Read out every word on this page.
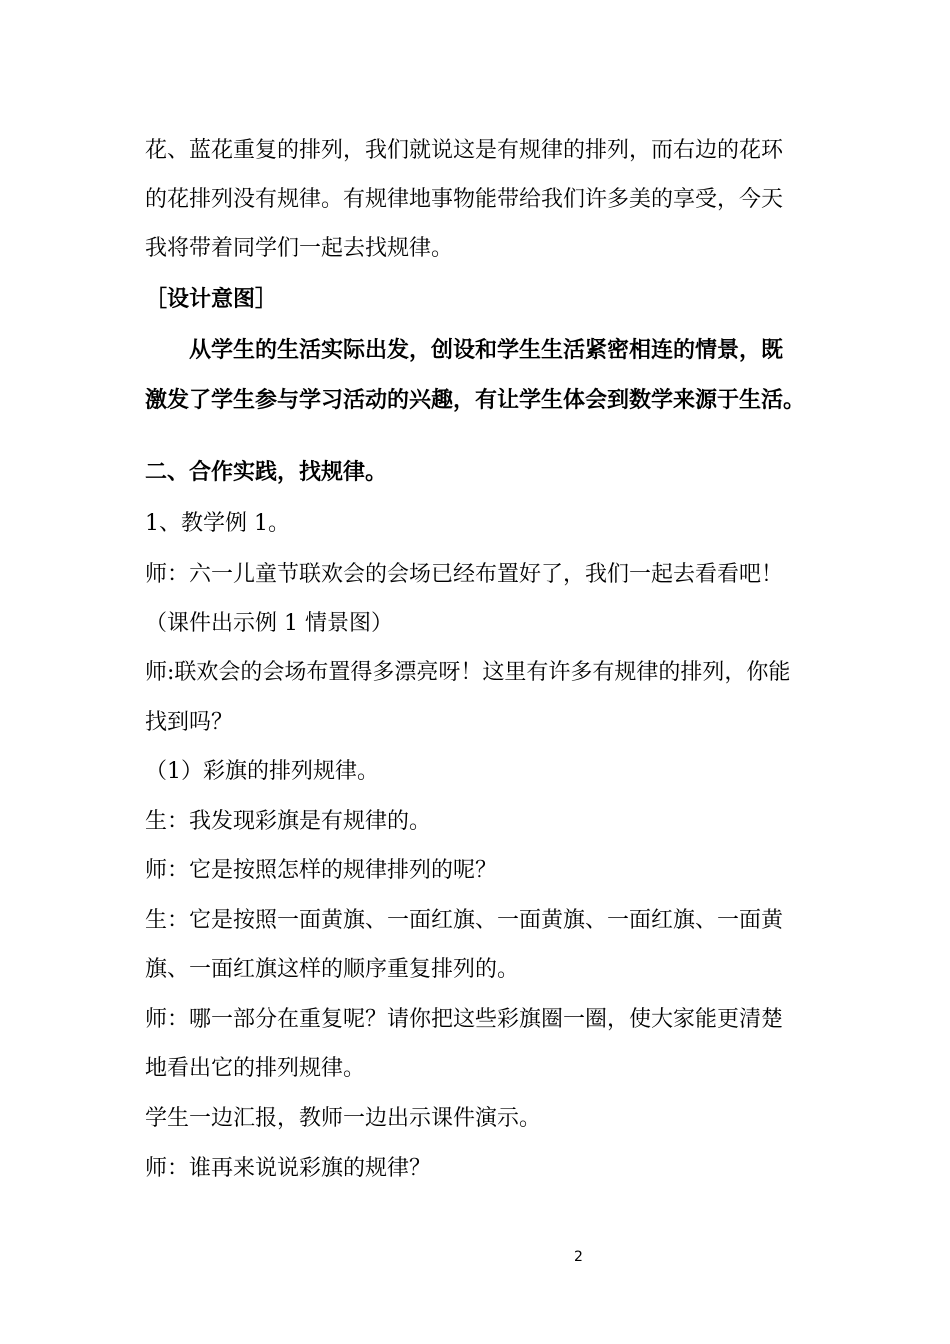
花、蓝花重复的排列，我们就说这是有规律的排列，而右边的花环
的花排列没有规律。有规律地事物能带给我们许多美的享受，今天
我将带着同学们一起去找规律。
［设计意图］
从学生的生活实际出发，创设和学生生活紧密相连的情景，既
激发了学生参与学习活动的兴趣，有让学生体会到数学来源于生活。
二、合作实践，找规律。
1、教学例 1。
师：六一儿童节联欢会的会场已经布置好了，我们一起去看看吧！
（课件出示例 1 情景图）
师:联欢会的会场布置得多漂亮呀！这里有许多有规律的排列，你能
找到吗？
（1）彩旗的排列规律。
生：我发现彩旗是有规律的。
师：它是按照怎样的规律排列的呢？
生：它是按照一面黄旗、一面红旗、一面黄旗、一面红旗、一面黄
旗、一面红旗这样的顺序重复排列的。
师：哪一部分在重复呢？请你把这些彩旗圈一圈，使大家能更清楚
地看出它的排列规律。
学生一边汇报，教师一边出示课件演示。
师：谁再来说说彩旗的规律？
2
